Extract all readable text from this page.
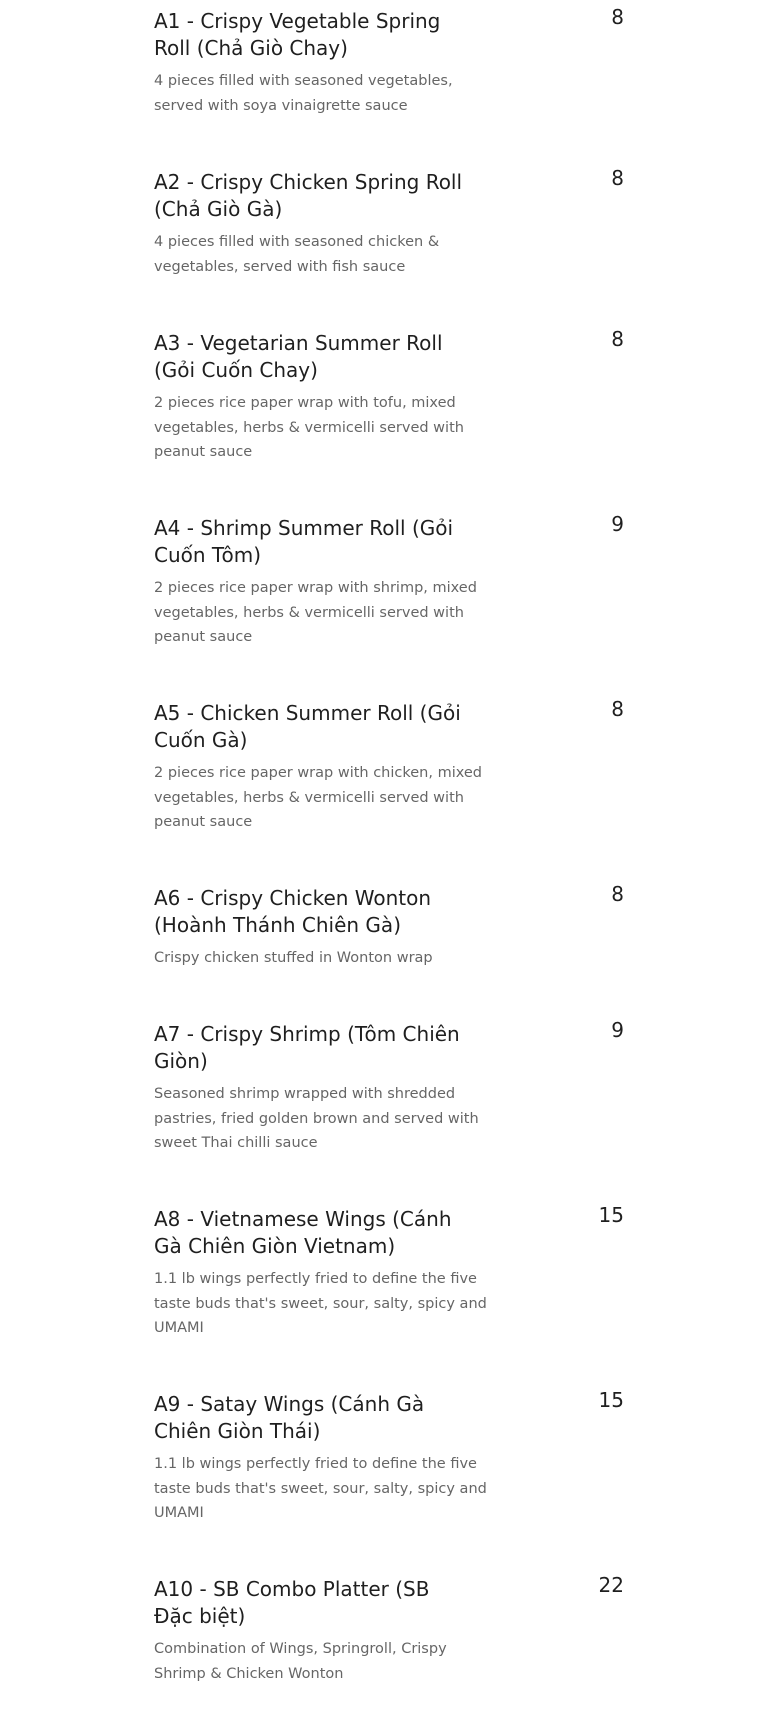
A1 - Crispy Vegetable Spring Roll (Chả Giò Chay)

4 pieces filled with seasoned vegetables, served with soya vinaigrette sauce

8
A2 - Crispy Chicken Spring Roll (Chả Giò Gà)

4 pieces filled with seasoned chicken & vegetables, served with fish sauce

8
A3 - Vegetarian Summer Roll (Gỏi Cuốn Chay)

2 pieces rice paper wrap with tofu, mixed vegetables, herbs & vermicelli served with peanut sauce

8
A4 - Shrimp Summer Roll (Gỏi Cuốn Tôm)

2 pieces rice paper wrap with shrimp, mixed vegetables, herbs & vermicelli served with peanut sauce

9
A5 - Chicken Summer Roll (Gỏi Cuốn Gà)

2 pieces rice paper wrap with chicken, mixed vegetables, herbs & vermicelli served with peanut sauce

8
A6 - Crispy Chicken Wonton (Hoành Thánh Chiên Gà)

Crispy chicken stuffed in Wonton wrap

8
A7 - Crispy Shrimp (Tôm Chiên Giòn)

Seasoned shrimp wrapped with shredded pastries, fried golden brown and served with sweet Thai chilli sauce

9
A8 - Vietnamese Wings (Cánh Gà Chiên Giòn Vietnam)

1.1 lb wings perfectly fried to define the five taste buds that's sweet, sour, salty, spicy and UMAMI

15
A9 - Satay Wings (Cánh Gà Chiên Giòn Thái)

1.1 lb wings perfectly fried to define the five taste buds that's sweet, sour, salty, spicy and UMAMI

15
A10 - SB Combo Platter (SB Đặc biệt)

Combination of Wings, Springroll, Crispy Shrimp & Chicken Wonton

22
